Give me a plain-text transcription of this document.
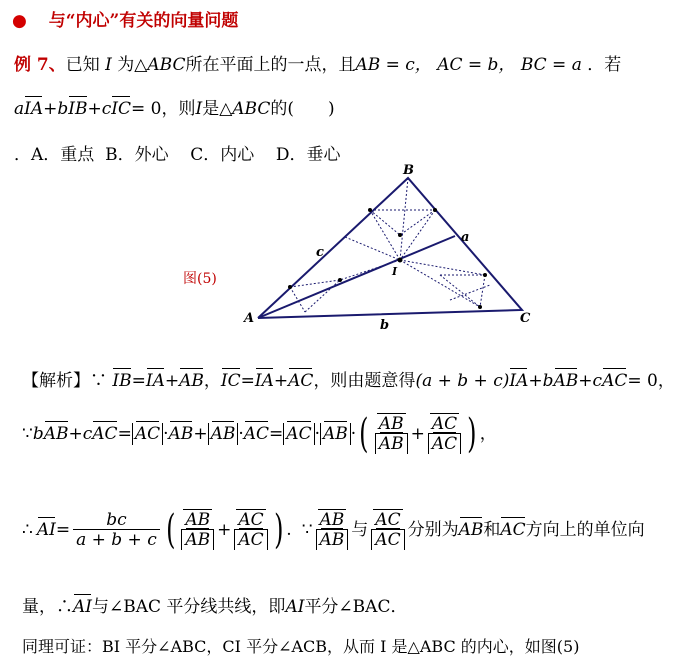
● 与“内心”有关的向量问题
例 7、已知 I 为△ABC所在平面上的一点，且AB = c， AC = b， BC = a ．若
aIA+bIB+cIC= 0，则I是△ABC的(　　)
．A．重点  B．外心    C．内心    D．垂心
图(5)
A
B
C
a
b
c
I
【解析】∵ IB=IA+AB，IC=IA+AC，则由题意得(a + b + c)IA+bAB+cAC= 0，
∵ b AB + c AC = AC · AB + AB · AC = AC · AB · ( $\frac{AB}{AB} + \frac{AC}{AC}$ ) ，
∴ AI = $\frac{bc}{a + b + c}$ ( $\frac{AB}{AB} + \frac{AC}{AC}$ ) . ∵ $\frac{AB}{AB}$ 与 $\frac{AC}{AC}$ 分别为 AB 和 AC 方向上的单位向
量，∴AI与∠BAC 平分线共线，即AI平分∠BAC．
同理可证：BI 平分∠ABC，CI 平分∠ACB，从而 I 是△ABC 的内心，如图(5)
